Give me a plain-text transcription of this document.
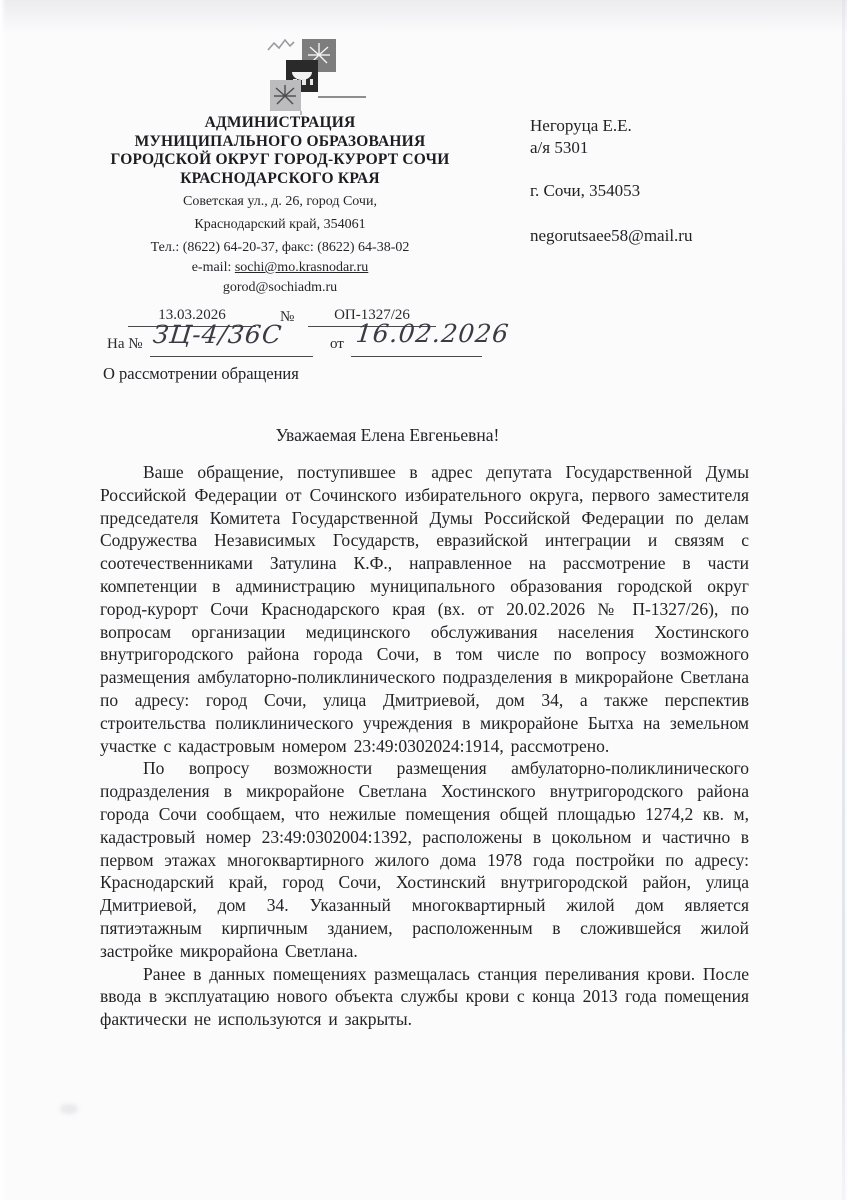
АДМИНИСТРАЦИЯ
МУНИЦИПАЛЬНОГО ОБРАЗОВАНИЯ
ГОРОДСКОЙ ОКРУГ ГОРОД-КУРОРТ СОЧИ
КРАСНОДАРСКОГО КРАЯ
Советская ул., д. 26, город Сочи,
Краснодарский край, 354061
Тел.: (8622) 64-20-37, факс: (8622) 64-38-02
e-mail: sochi@mo.krasnodar.ru
gorod@sochiadm.ru
Негоруца Е.Е.
а/я 5301
г. Сочи, 354053
negorutsaee58@mail.ru
13.03.2026	№	ОП-1327/26
На № ЗЦ-4/36С	от 16.02.2026
О рассмотрении обращения
Уважаемая Елена Евгеньевна!

Ваше обращение, поступившее в адрес депутата Государственной Думы Российской Федерации от Сочинского избирательного округа, первого заместителя председателя Комитета Государственной Думы Российской Федерации по делам Содружества Независимых Государств, евразийской интеграции и связям с соотечественниками Затулина К.Ф., направленное на рассмотрение в части компетенции в администрацию муниципального образования городской округ город-курорт Сочи Краснодарского края (вх. от 20.02.2026 № П-1327/26), по вопросам организации медицинского обслуживания населения Хостинского внутригородского района города Сочи, в том числе по вопросу возможного размещения амбулаторно-поликлинического подразделения в микрорайоне Светлана по адресу: город Сочи, улица Дмитриевой, дом 34, а также перспектив строительства поликлинического учреждения в микрорайоне Бытха на земельном участке с кадастровым номером 23:49:0302024:1914, рассмотрено.

По вопросу возможности размещения амбулаторно-поликлинического подразделения в микрорайоне Светлана Хостинского внутригородского района города Сочи сообщаем, что нежилые помещения общей площадью 1274,2 кв. м, кадастровый номер 23:49:0302004:1392, расположены в цокольном и частично в первом этажах многоквартирного жилого дома 1978 года постройки по адресу: Краснодарский край, город Сочи, Хостинский внутригородской район, улица Дмитриевой, дом 34. Указанный многоквартирный жилой дом является пятиэтажным кирпичным зданием, расположенным в сложившейся жилой застройке микрорайона Светлана.

Ранее в данных помещениях размещалась станция переливания крови. После ввода в эксплуатацию нового объекта службы крови с конца 2013 года помещения фактически не используются и закрыты.
